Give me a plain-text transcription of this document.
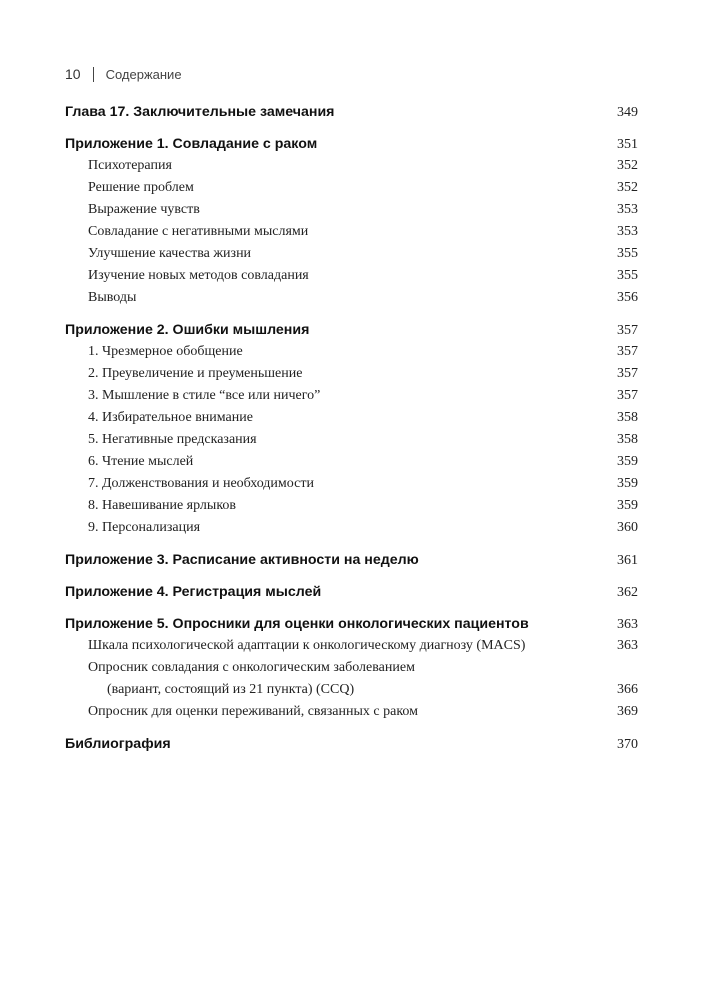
10 Содержание
Глава 17. Заключительные замечания	349
Приложение 1. Совладание с раком	351
Психотерапия	352
Решение проблем	352
Выражение чувств	353
Совладание с негативными мыслями	353
Улучшение качества жизни	355
Изучение новых методов совладания	355
Выводы	356
Приложение 2. Ошибки мышления	357
1. Чрезмерное обобщение	357
2. Преувеличение и преуменьшение	357
3. Мышление в стиле “все или ничего”	357
4. Избирательное внимание	358
5. Негативные предсказания	358
6. Чтение мыслей	359
7. Долженствования и необходимости	359
8. Навешивание ярлыков	359
9. Персонализация	360
Приложение 3. Расписание активности на неделю	361
Приложение 4. Регистрация мыслей	362
Приложение 5. Опросники для оценки онкологических пациентов	363
Шкала психологической адаптации к онкологическому диагнозу (MACS)	363
Опросник совладания с онкологическим заболеванием
(вариант, состоящий из 21 пункта) (CCQ)	366
Опросник для оценки переживаний, связанных с раком	369
Библиография	370
